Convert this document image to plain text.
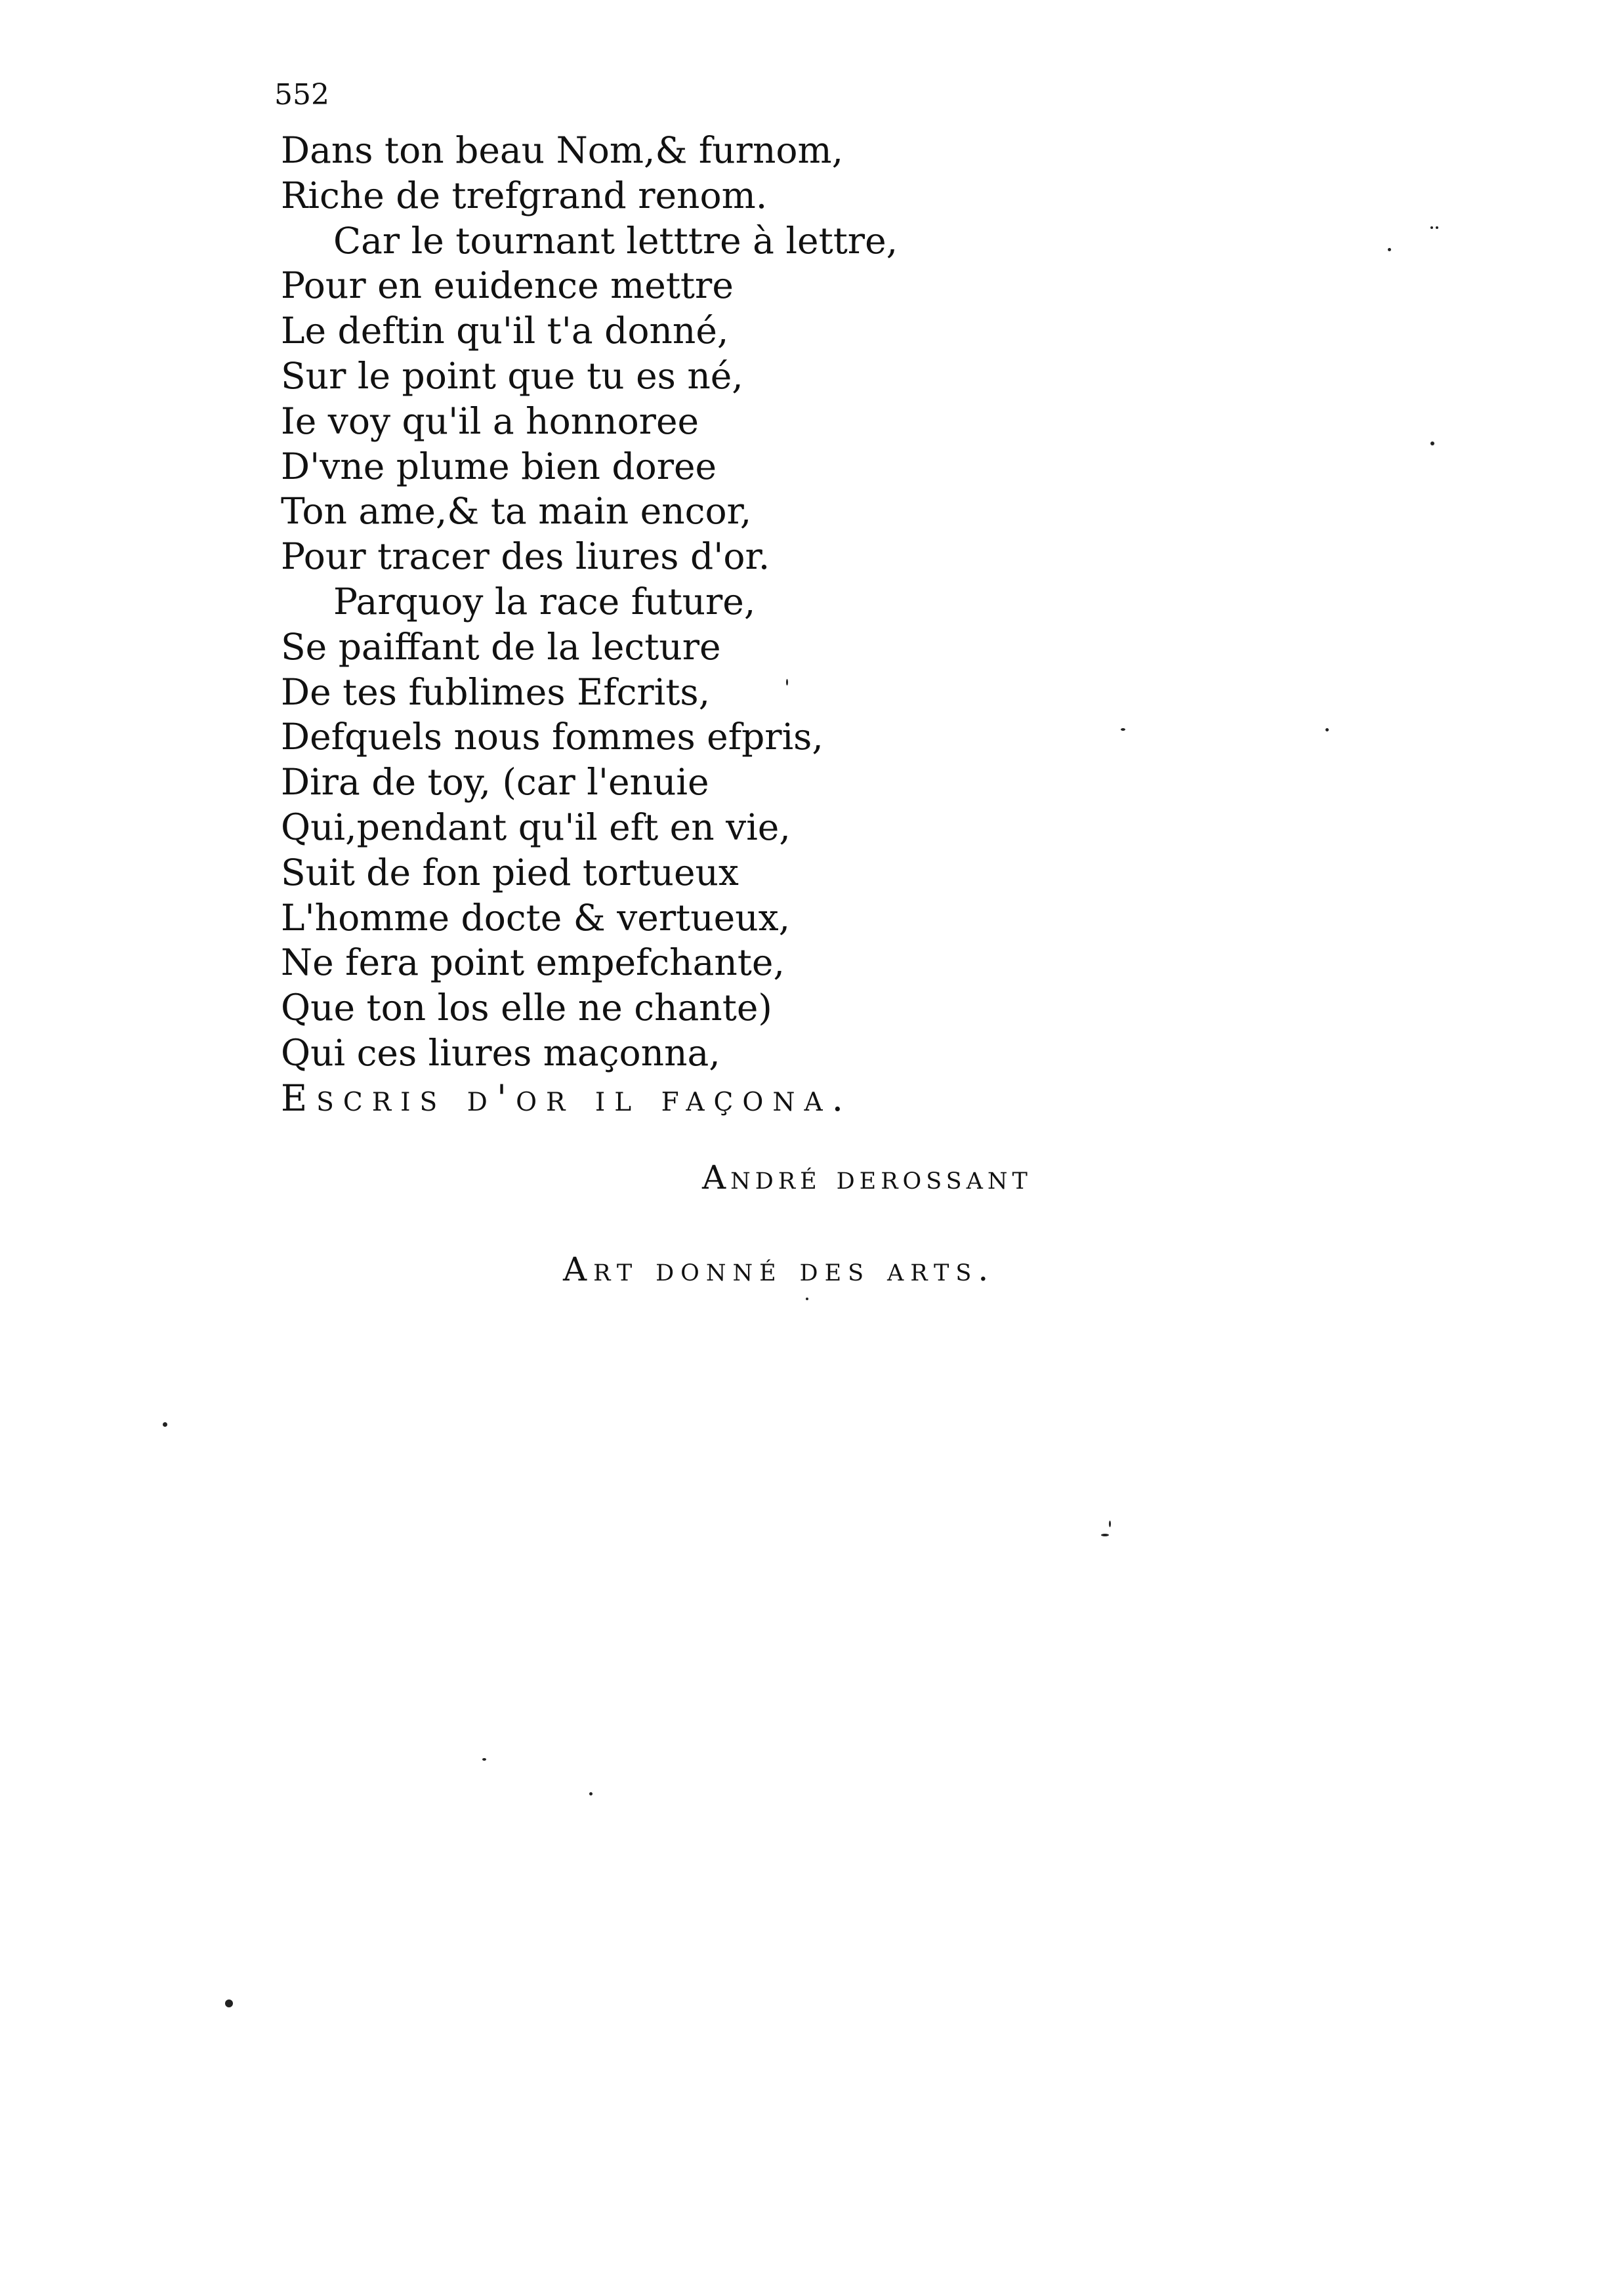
552
Dans ton beau Nom,& furnom,
Riche de trefgrand renom.
Car le tournant letttre à lettre,
Pour en euidence mettre
Le deftin qu'il t'a donné,
Sur le point que tu es né,
Ie voy qu'il a honnoree
D'vne plume bien doree
Ton ame,& ta main encor,
Pour tracer des liures d'or.
Parquoy la race future,
Se paiffant de la lecture
De tes fublimes Efcrits,
Defquels nous fommes efpris,
Dira de toy, (car l'enuie
Qui,pendant qu'il eft en vie,
Suit de fon pied tortueux
L'homme docte & vertueux,
Ne fera point empefchante,
Que ton los elle ne chante)
Qui ces liures maçonna,
Escris d'or il façona.
André derossant
Art donné des arts.
